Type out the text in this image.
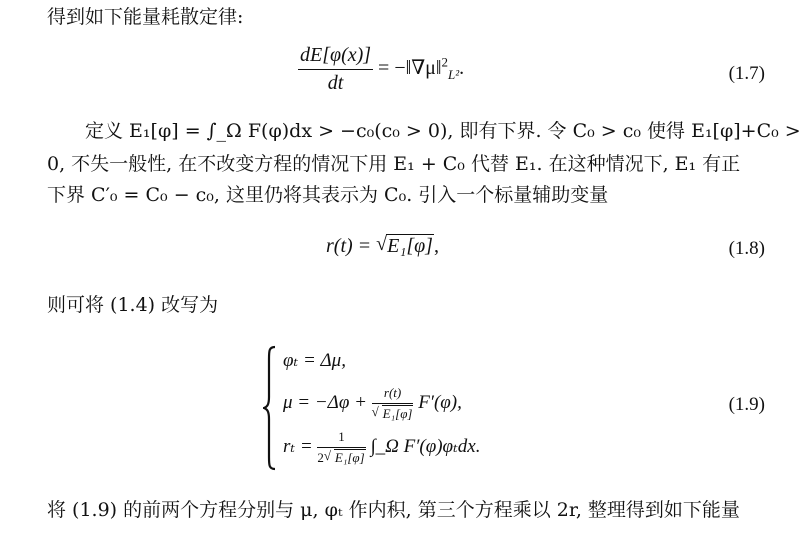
得到如下能量耗散定律:
$\frac{dE[\varphi(x)]}{dt}$ = −‖∇μ‖$^2_{L^2}$.	(1.7)
定义 E₁[φ] = ∫_Ω F(φ)dx > −c₀(c₀ > 0), 即有下界. 令 C₀ > c₀ 使得 E₁[φ]+C₀ >
0, 不失一般性, 在不改变方程的情况下用 E₁ + C₀ 代替 E₁. 在这种情况下, E₁ 有正
下界 C′₀ = C₀ − c₀, 这里仍将其表示为 C₀. 引入一个标量辅助变量
r(t) = √ E₁[φ],	(1.8)
则可将 (1.4) 改写为
φₜ = Δμ,
$\mu = -\Delta\varphi + \frac{r(t)}{\text{√ E₁[φ]}} F'(\varphi)$,
$r_t = \frac{1}{\text{2 √ E₁[φ]}}$ ∫_Ω F′(φ)φₜdx.
(1.9)
将 (1.9) 的前两个方程分别与 μ, φₜ 作内积, 第三个方程乘以 2r, 整理得到如下能量
